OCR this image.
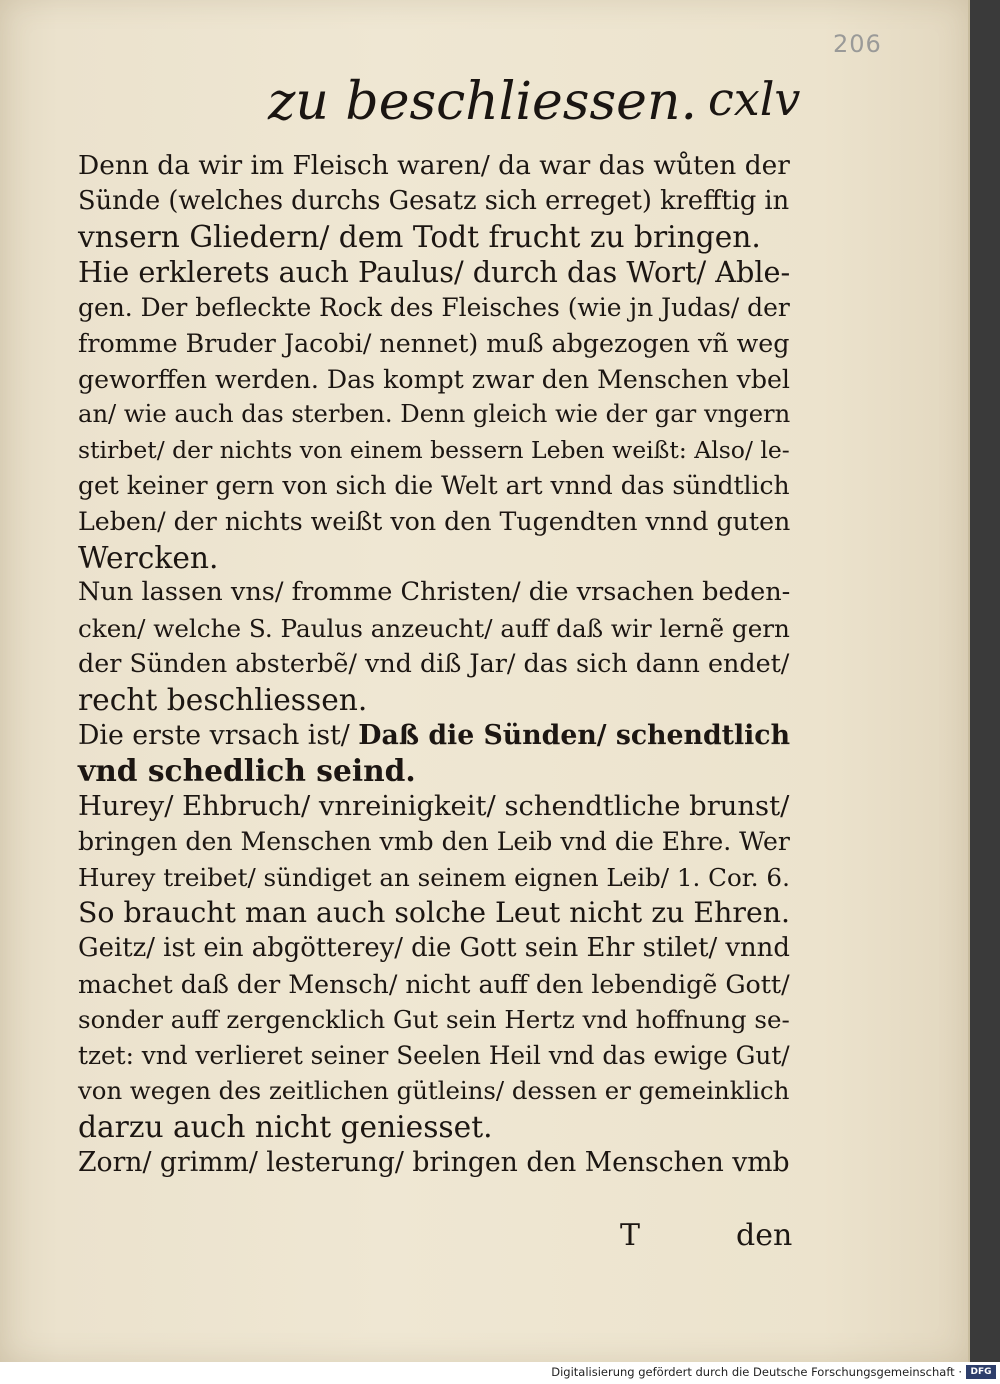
206
zu beschliessen. cxlv
Denn da wir im Fleisch waren/ da war das wůten der
Sünde (welches durchs Gesatz sich erreget) krefftig in
vnsern Gliedern/ dem Todt frucht zu bringen.
Hie erklerets auch Paulus/ durch das Wort/ Able-
gen. Der befleckte Rock des Fleisches (wie jn Judas/ der
fromme Bruder Jacobi/ nennet) muß abgezogen vñ weg
geworffen werden. Das kompt zwar den Menschen vbel
an/ wie auch das sterben. Denn gleich wie der gar vngern
stirbet/ der nichts von einem bessern Leben weißt: Also/ le-
get keiner gern von sich die Welt art vnnd das sündtlich
Leben/ der nichts weißt von den Tugendten vnnd guten
Wercken.
Nun lassen vns/ fromme Christen/ die vrsachen beden-
cken/ welche S. Paulus anzeucht/ auff daß wir lernẽ gern
der Sünden absterbẽ/ vnd diß Jar/ das sich dann endet/
recht beschliessen.
Die erste vrsach ist/ Daß die Sünden/ schendtlich
vnd schedlich seind.
Hurey/ Ehbruch/ vnreinigkeit/ schendtliche brunst/
bringen den Menschen vmb den Leib vnd die Ehre. Wer
Hurey treibet/ sündiget an seinem eignen Leib/ 1. Cor. 6.
So braucht man auch solche Leut nicht zu Ehren.
Geitz/ ist ein abgötterey/ die Gott sein Ehr stilet/ vnnd
machet daß der Mensch/ nicht auff den lebendigẽ Gott/
sonder auff zergencklich Gut sein Hertz vnd hoffnung se-
tzet: vnd verlieret seiner Seelen Heil vnd das ewige Gut/
von wegen des zeitlichen gütleins/ dessen er gemeinklich
darzu auch nicht geniesset.
Zorn/ grimm/ lesterung/ bringen den Menschen vmb
T	den
Digitalisierung gefördert durch die Deutsche Forschungsgemeinschaft · DFG
